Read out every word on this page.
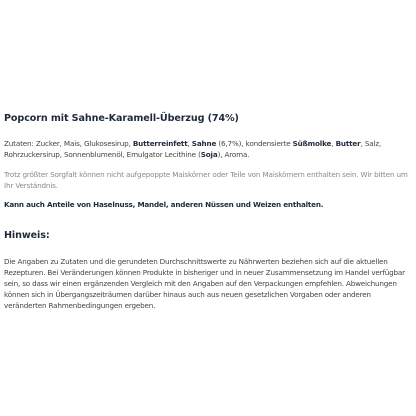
Popcorn mit Sahne-Karamell-Überzug (74%)
Zutaten: Zucker, Mais, Glukosesirup, Butterreinfett, Sahne (6,7%), kondensierte Süßmolke, Butter, Salz, Rohrzuckersirup, Sonnenblumenöl, Emulgator Lecithine (Soja), Aroma.
Trotz größter Sorgfalt können nicht aufgepoppte Maiskörner oder Teile von Maiskörnern enthalten sein. Wir bitten um Ihr Verständnis.
Kann auch Anteile von Haselnuss, Mandel, anderen Nüssen und Weizen enthalten.
Hinweis:
Die Angaben zu Zutaten und die gerundeten Durchschnittswerte zu Nährwerten beziehen sich auf die aktuellen Rezepturen. Bei Veränderungen können Produkte in bisheriger und in neuer Zusammensetzung im Handel verfügbar sein, so dass wir einen ergänzenden Vergleich mit den Angaben auf den Verpackungen empfehlen. Abweichungen können sich in Übergangszeiträumen darüber hinaus auch aus neuen gesetzlichen Vorgaben oder anderen veränderten Rahmenbedingungen ergeben.
